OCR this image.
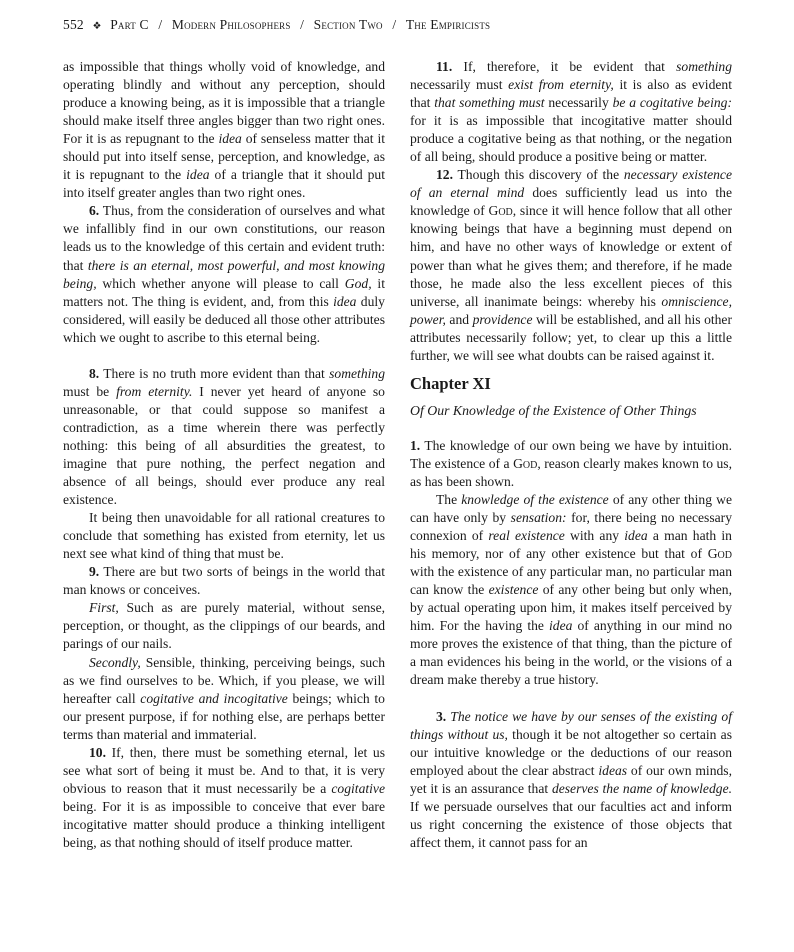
552 ❖ Part C / Modern Philosophers / Section Two / The Empiricists

as impossible that things wholly void of knowledge, and operating blindly and without any perception, should produce a knowing being, as it is impossible that a triangle should make itself three angles bigger than two right ones. For it is as repugnant to the idea of senseless matter that it should put into itself sense, perception, and knowledge, as it is repugnant to the idea of a triangle that it should put into itself greater angles than two right ones.

6. Thus, from the consideration of ourselves and what we infallibly find in our own constitutions, our reason leads us to the knowledge of this certain and evident truth: that there is an eternal, most powerful, and most knowing being, which whether anyone will please to call God, it matters not. The thing is evident, and, from this idea duly considered, will easily be deduced all those other attributes which we ought to ascribe to this eternal being.

8. There is no truth more evident than that something must be from eternity. I never yet heard of anyone so unreasonable, or that could suppose so manifest a contradiction, as a time wherein there was perfectly nothing: this being of all absurdities the greatest, to imagine that pure nothing, the perfect negation and absence of all beings, should ever produce any real existence.

It being then unavoidable for all rational creatures to conclude that something has existed from eternity, let us next see what kind of thing that must be.

9. There are but two sorts of beings in the world that man knows or conceives.

First, Such as are purely material, without sense, perception, or thought, as the clippings of our beards, and parings of our nails.

Secondly, Sensible, thinking, perceiving beings, such as we find ourselves to be. Which, if you please, we will hereafter call cogitative and incogitative beings; which to our present purpose, if for nothing else, are perhaps better terms than material and immaterial.

10. If, then, there must be something eternal, let us see what sort of being it must be. And to that, it is very obvious to reason that it must necessarily be a cogitative being. For it is as impossible to conceive that ever bare incogitative matter should produce a thinking intelligent being, as that nothing should of itself produce matter.

11. If, therefore, it be evident that something necessarily must exist from eternity, it is also as evident that that something must necessarily be a cogitative being: for it is as impossible that incogitative matter should produce a cogitative being as that nothing, or the negation of all being, should produce a positive being or matter.

12. Though this discovery of the necessary existence of an eternal mind does sufficiently lead us into the knowledge of God, since it will hence follow that all other knowing beings that have a beginning must depend on him, and have no other ways of knowledge or extent of power than what he gives them; and therefore, if he made those, he made also the less excellent pieces of this universe, all inanimate beings: whereby his omniscience, power, and providence will be established, and all his other attributes necessarily follow; yet, to clear up this a little further, we will see what doubts can be raised against it.

Chapter XI
Of Our Knowledge of the Existence of Other Things

1. The knowledge of our own being we have by intuition. The existence of a God, reason clearly makes known to us, as has been shown.

The knowledge of the existence of any other thing we can have only by sensation: for, there being no necessary connexion of real existence with any idea a man hath in his memory, nor of any other existence but that of God with the existence of any particular man, no particular man can know the existence of any other being but only when, by actual operating upon him, it makes itself perceived by him. For the having the idea of anything in our mind no more proves the existence of that thing, than the picture of a man evidences his being in the world, or the visions of a dream make thereby a true history.

3. The notice we have by our senses of the existing of things without us, though it be not altogether so certain as our intuitive knowledge or the deductions of our reason employed about the clear abstract ideas of our own minds, yet it is an assurance that deserves the name of knowledge. If we persuade ourselves that our faculties act and inform us right concerning the existence of those objects that affect them, it cannot pass for an
